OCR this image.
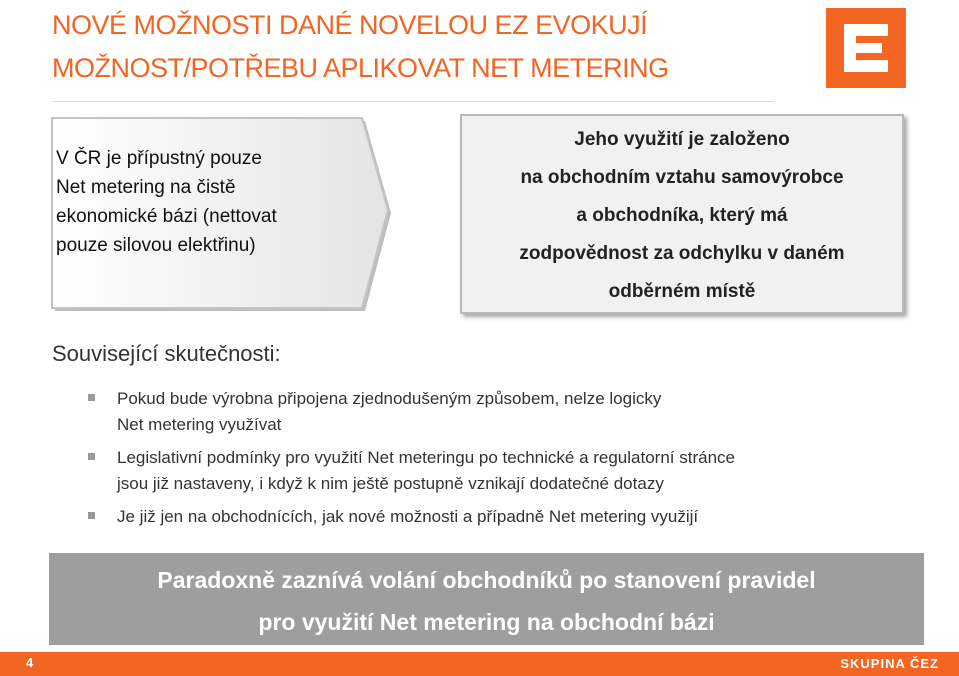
NOVÉ MOŽNOSTI DANÉ NOVELOU EZ EVOKUJÍ
MOŽNOST/POTŘEBU APLIKOVAT NET METERING
V ČR je přípustný pouze
Net metering na čistě
ekonomické bázi (nettovat
pouze silovou elektřinu)
Jeho využití je založeno
na obchodním vztahu samovýrobce
a obchodníka, který má
zodpovědnost za odchylku v daném
odběrném místě
Související skutečnosti:
Pokud bude výrobna připojena zjednodušeným způsobem, nelze logicky
Net metering využívat
Legislativní podmínky pro využití Net meteringu po technické a regulatorní stránce
jsou již nastaveny, i když k nim ještě postupně vznikají dodatečné dotazy
Je již jen na obchodnících, jak nové možnosti a případně Net metering využijí
Paradoxně zaznívá volání obchodníků po stanovení pravidel
pro využití Net metering na obchodní bázi
4	SKUPINA ČEZ
